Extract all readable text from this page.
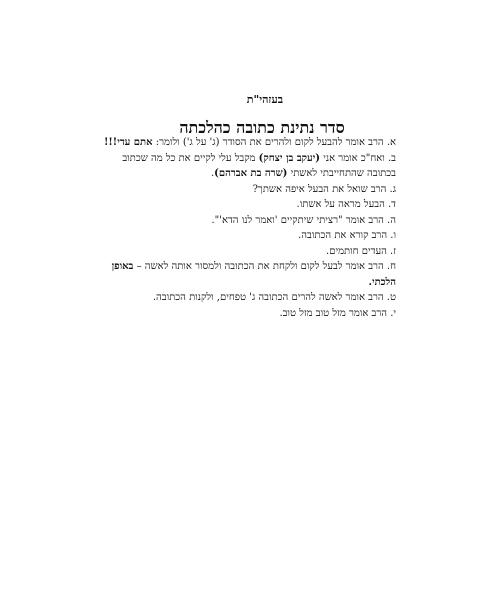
בעזהי"ת
סדר נתינת כתובה כהלכתה

א. הרב אומר להבעל לקום ולהרים את הסודר (ג' על ג') ולומר: אתם עדי!!!

ב. ואח"כ אומר אני (יעקב בן יצחק) מקבל עלי לקיים את כל מה שכתוב בכתובה שהתחייבתי לאשתי (שרה בת אברהם).

ג. הרב שואל את הבעל איפה אשתך?

ד. הבעל מראה על אשתו.

ה. הרב אומר "רציתי שיתקיים 'ואמר לנו הדא'".

ו. הרב קורא את הכתובה.

ז. העדים חותמים.

ח. הרב אומר לבעל לקום ולקחת את הכתובה ולמסור אותה לאשה – באופן הלכתי.

ט. הרב אומר לאשה להרים הכתובה ג' טפחים, ולקנות הכתובה.

י. הרב אומר מזל טוב מזל טוב.
